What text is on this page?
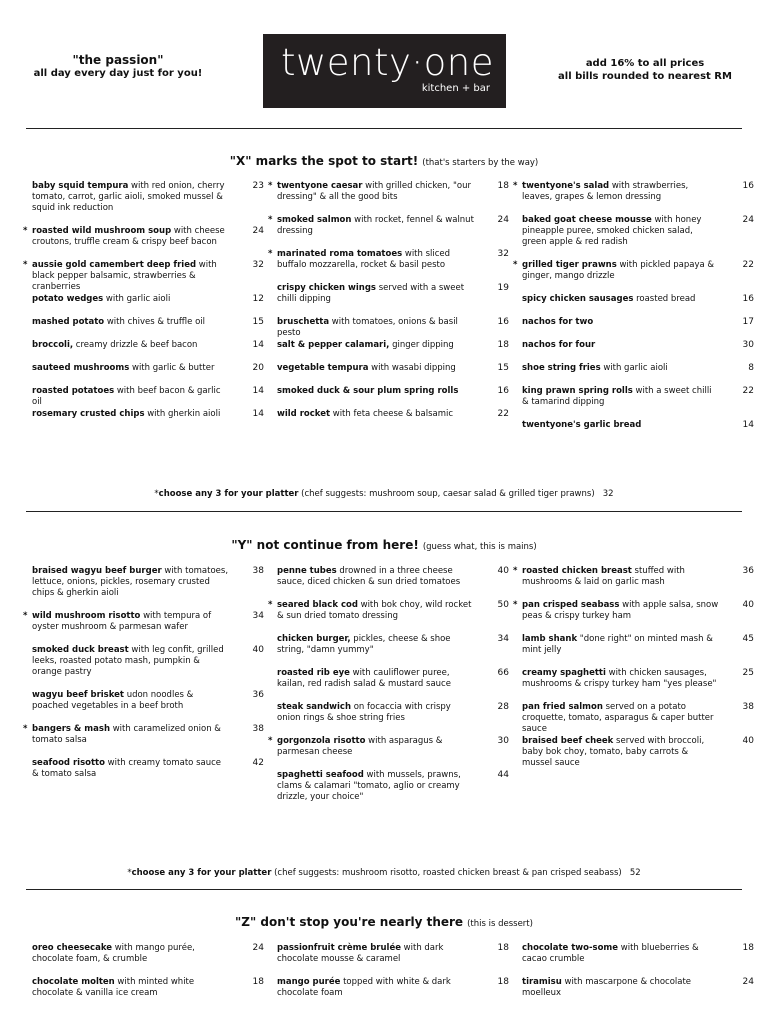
"the passion"
all day every day just for you!	twenty·one
kitchen + bar
add 16% to all prices
all bills rounded to nearest RM
"X" marks the spot to start! (that's starters by the way)
baby squid tempura with red onion, cherry tomato, carrot, garlic aioli, smoked mussel & squid ink reduction
23
* roasted wild mushroom soup with cheese croutons, truffle cream & crispy beef bacon
24
* aussie gold camembert deep fried with black pepper balsamic, strawberries & cranberries
32
potato wedges with garlic aioli	12
mashed potato with chives & truffle oil	15
broccoli, creamy drizzle & beef bacon	14
sauteed mushrooms with garlic & butter	20
roasted potatoes with beef bacon & garlic oil
14
rosemary crusted chips with gherkin aioli	14
* twentyone caesar with grilled chicken, "our dressing" & all the good bits
18
* smoked salmon with rocket, fennel & walnut dressing
24
* marinated roma tomatoes with sliced buffalo mozzarella, rocket & basil pesto
32
crispy chicken wings served with a sweet chilli dipping
19
bruschetta with tomatoes, onions & basil pesto
16
salt & pepper calamari, ginger dipping	18
vegetable tempura with wasabi dipping	15
smoked duck & sour plum spring rolls	16
wild rocket with feta cheese & balsamic	22
* twentyone's salad with strawberries, leaves, grapes & lemon dressing
16
baked goat cheese mousse with honey pineapple puree, smoked chicken salad, green apple & red radish
24
* grilled tiger prawns with pickled papaya & ginger, mango drizzle
22
spicy chicken sausages roasted bread	16
nachos for two	17
nachos for four	30
shoe string fries with garlic aioli	8
king prawn spring rolls with a sweet chilli & tamarind dipping
22
twentyone's garlic bread	14
*choose any 3 for your platter (chef suggests: mushroom soup, caesar salad & grilled tiger prawns) 32
"Y" not continue from here! (guess what, this is mains)
braised wagyu beef burger with tomatoes, lettuce, onions, pickles, rosemary crusted chips & gherkin aioli
38
* wild mushroom risotto with tempura of oyster mushroom & parmesan wafer
34
smoked duck breast with leg confit, grilled leeks, roasted potato mash, pumpkin & orange pastry
40
wagyu beef brisket udon noodles & poached vegetables in a beef broth
36
* bangers & mash with caramelized onion & tomato salsa
38
seafood risotto with creamy tomato sauce & tomato salsa
42
penne tubes drowned in a three cheese sauce, diced chicken & sun dried tomatoes
40
* seared black cod with bok choy, wild rocket & sun dried tomato dressing
50
chicken burger, pickles, cheese & shoe string, "damn yummy"
34
roasted rib eye with cauliflower puree, kailan, red radish salad & mustard sauce
66
steak sandwich on focaccia with crispy onion rings & shoe string fries
28
* gorgonzola risotto with asparagus & parmesan cheese
30
spaghetti seafood with mussels, prawns, clams & calamari "tomato, aglio or creamy drizzle, your choice"
44
* roasted chicken breast stuffed with mushrooms & laid on garlic mash
36
* pan crisped seabass with apple salsa, snow peas & crispy turkey ham
40
lamb shank "done right" on minted mash & mint jelly
45
creamy spaghetti with chicken sausages, mushrooms & crispy turkey ham "yes please"
25
pan fried salmon served on a potato croquette, tomato, asparagus & caper butter sauce
38
braised beef cheek served with broccoli, baby bok choy, tomato, baby carrots & mussel sauce
40
*choose any 3 for your platter (chef suggests: mushroom risotto, roasted chicken breast & pan crisped seabass) 52
"Z" don't stop you're nearly there (this is dessert)
oreo cheesecake with mango purée, chocolate foam, & crumble
24
chocolate molten with minted white chocolate & vanilla ice cream
18
passionfruit crème brulée with dark chocolate mousse & caramel
18
mango purée topped with white & dark chocolate foam
18
chocolate two-some with blueberries & cacao crumble
18
tiramisu with mascarpone & chocolate moelleux
24
